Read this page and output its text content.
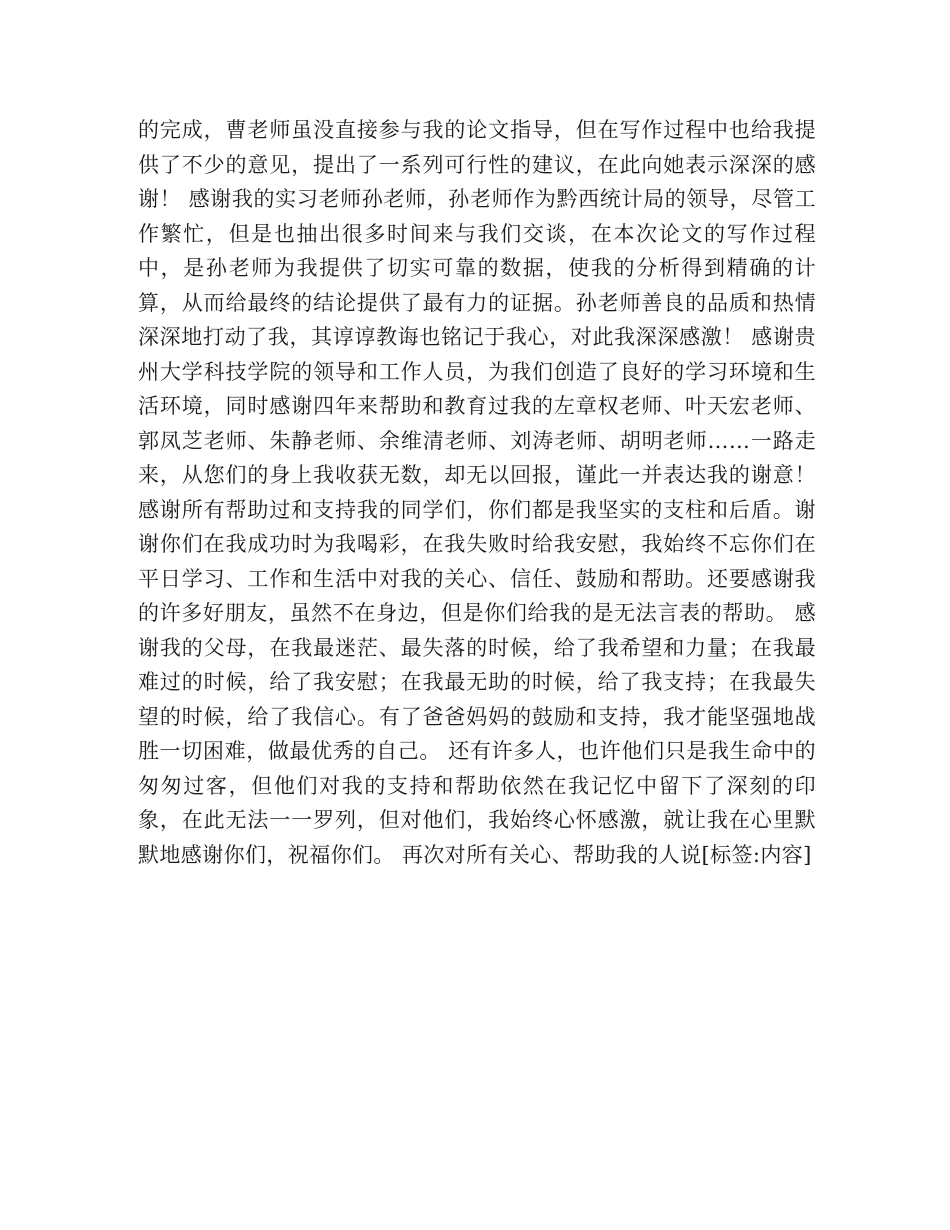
的完成，曹老师虽没直接参与我的论文指导，但在写作过程中也给我提供了不少的意见，提出了一系列可行性的建议，在此向她表示深深的感谢！ 感谢我的实习老师孙老师，孙老师作为黔西统计局的领导，尽管工作繁忙，但是也抽出很多时间来与我们交谈，在本次论文的写作过程中，是孙老师为我提供了切实可靠的数据，使我的分析得到精确的计算，从而给最终的结论提供了最有力的证据。孙老师善良的品质和热情深深地打动了我，其谆谆教诲也铭记于我心，对此我深深感激！ 感谢贵州大学科技学院的领导和工作人员，为我们创造了良好的学习环境和生活环境，同时感谢四年来帮助和教育过我的左章权老师、叶天宏老师、郭凤芝老师、朱静老师、余维清老师、刘涛老师、胡明老师……一路走来，从您们的身上我收获无数，却无以回报，谨此一并表达我的谢意！ 感谢所有帮助过和支持我的同学们，你们都是我坚实的支柱和后盾。谢谢你们在我成功时为我喝彩，在我失败时给我安慰，我始终不忘你们在平日学习、工作和生活中对我的关心、信任、鼓励和帮助。还要感谢我的许多好朋友，虽然不在身边，但是你们给我的是无法言表的帮助。 感谢我的父母，在我最迷茫、最失落的时候，给了我希望和力量；在我最难过的时候，给了我安慰；在我最无助的时候，给了我支持；在我最失望的时候，给了我信心。有了爸爸妈妈的鼓励和支持，我才能坚强地战胜一切困难，做最优秀的自己。 还有许多人，也许他们只是我生命中的匆匆过客，但他们对我的支持和帮助依然在我记忆中留下了深刻的印象，在此无法一一罗列，但对他们，我始终心怀感激，就让我在心里默默地感谢你们，祝福你们。 再次对所有关心、帮助我的人说[标签:内容]
